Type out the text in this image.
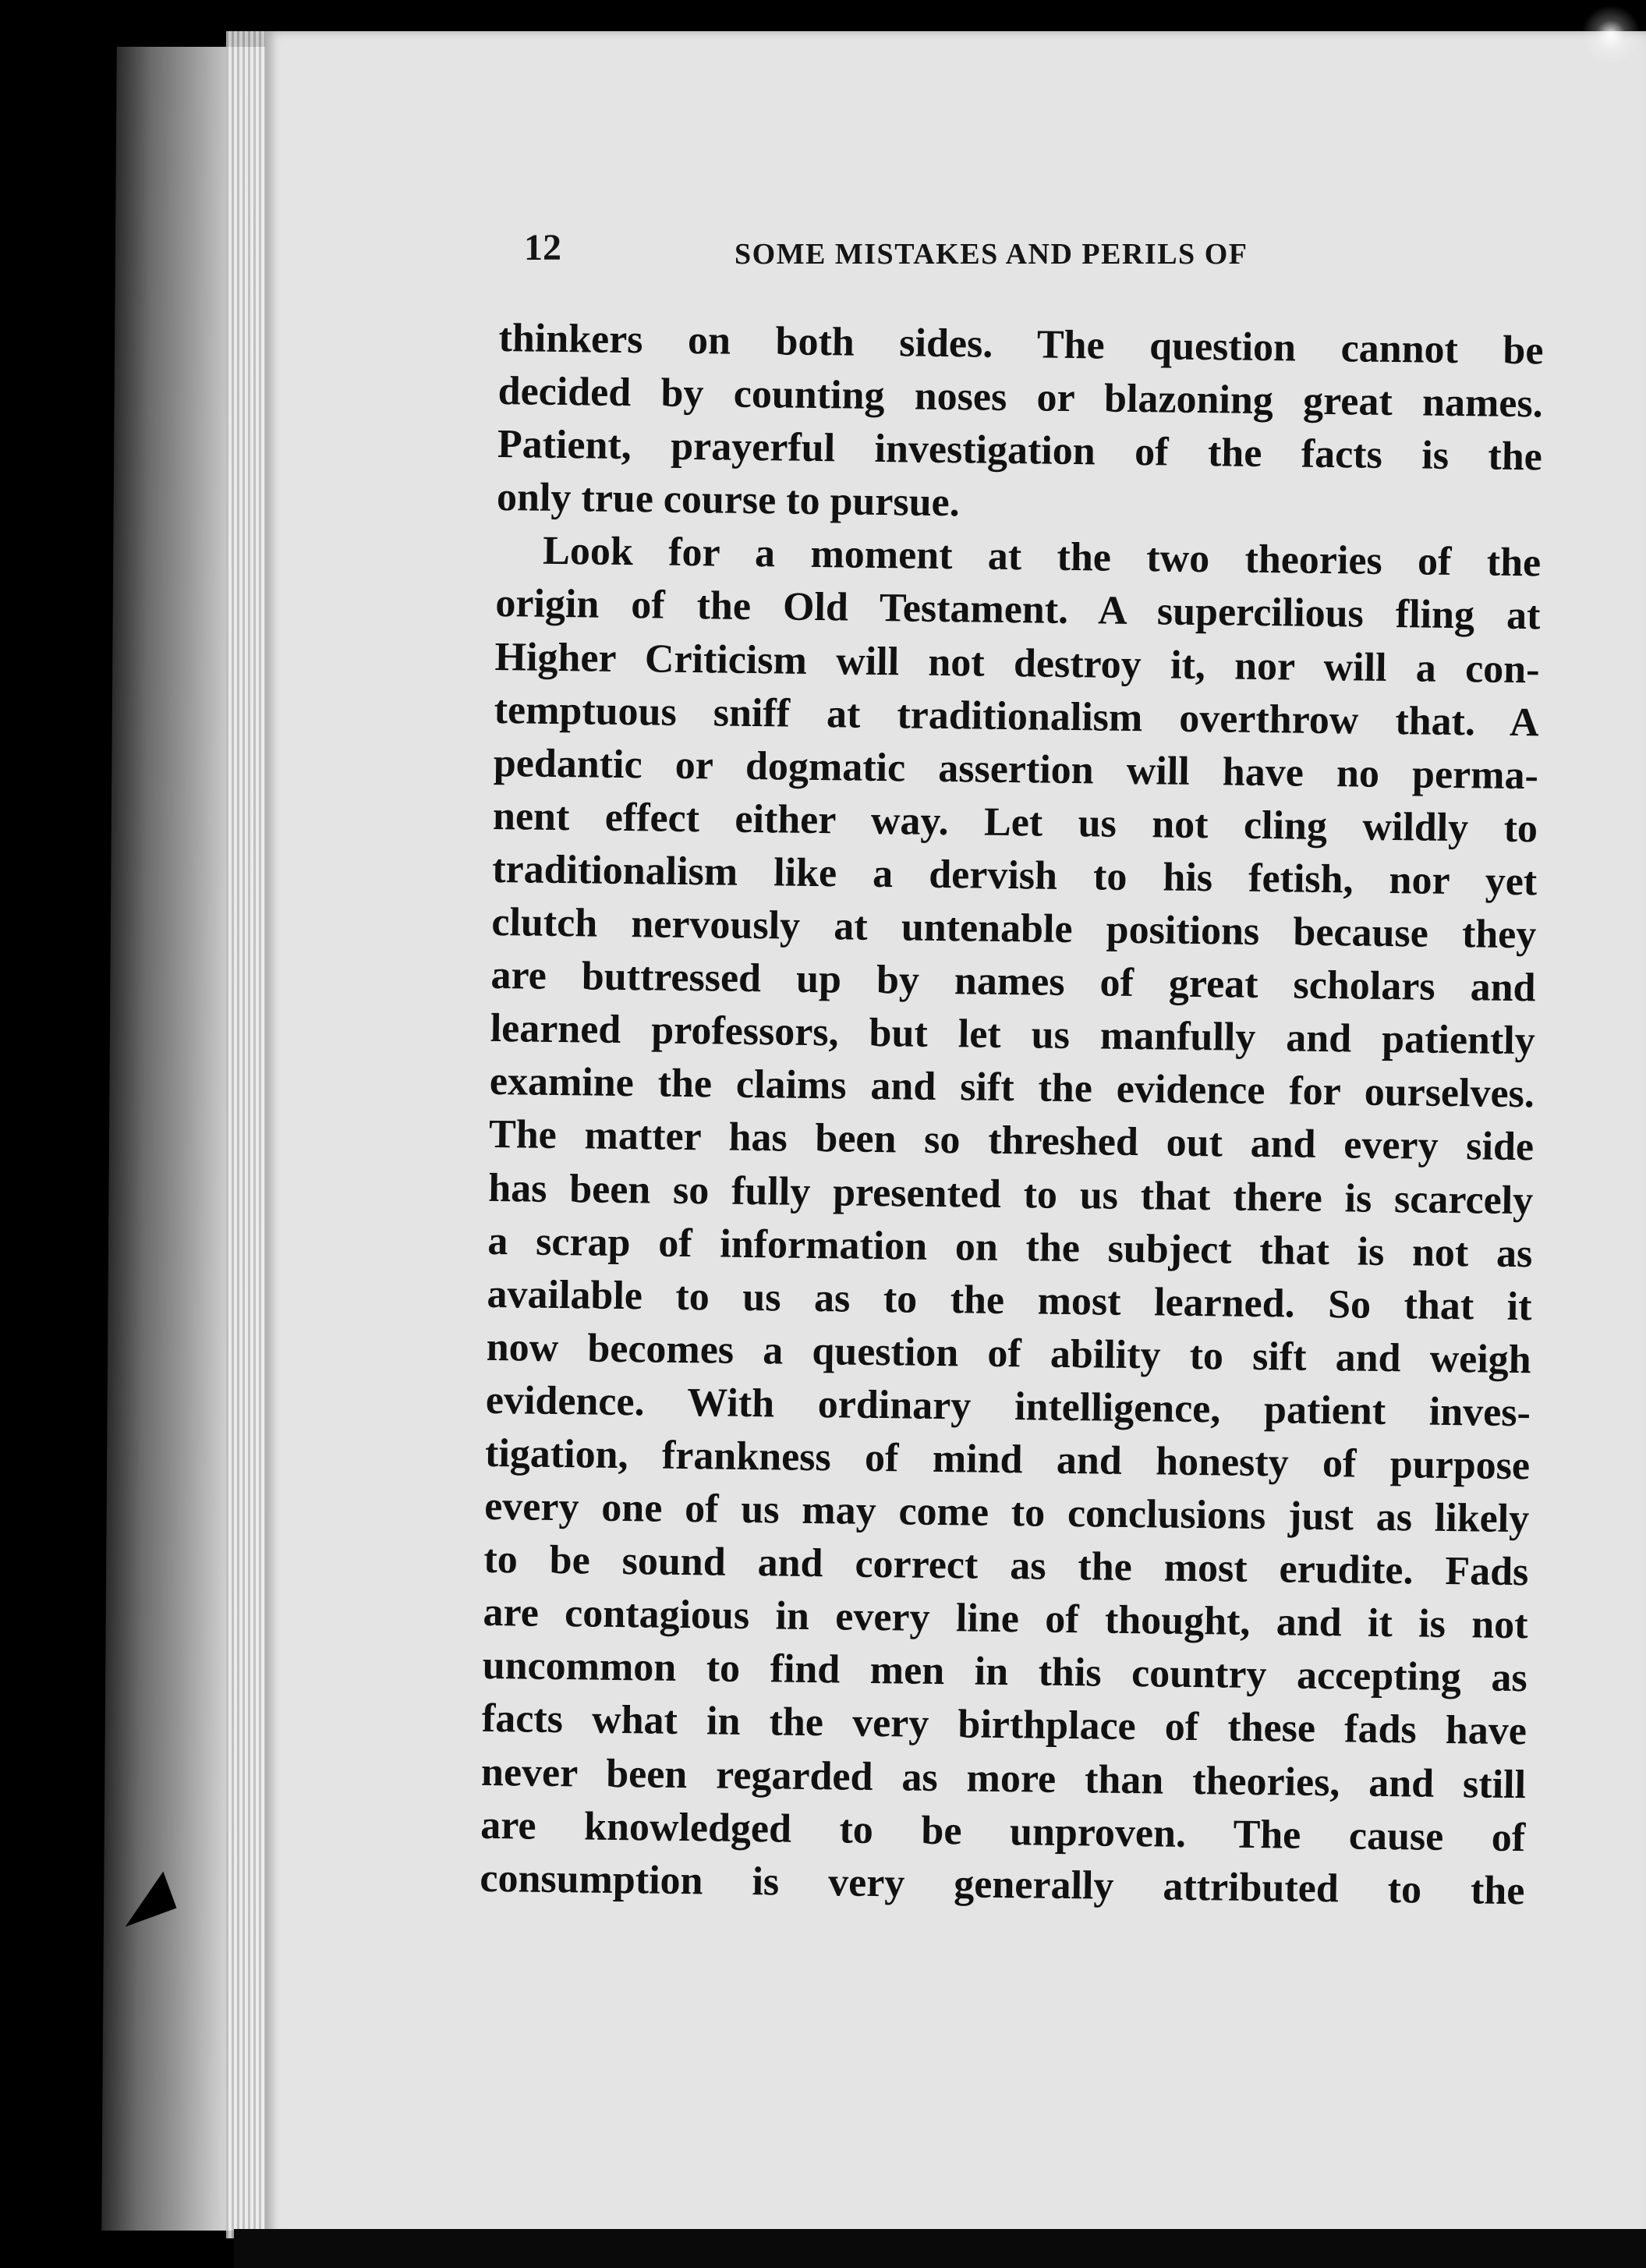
12	SOME MISTAKES AND PERILS OF
thinkers on both sides. The question cannot be
decided by counting noses or blazoning great names.
Patient, prayerful investigation of the facts is the
only true course to pursue.
Look for a moment at the two theories of the
origin of the Old Testament. A supercilious fling at
Higher Criticism will not destroy it, nor will a con-
temptuous sniff at traditionalism overthrow that. A
pedantic or dogmatic assertion will have no perma-
nent effect either way. Let us not cling wildly to
traditionalism like a dervish to his fetish, nor yet
clutch nervously at untenable positions because they
are buttressed up by names of great scholars and
learned professors, but let us manfully and patiently
examine the claims and sift the evidence for ourselves.
The matter has been so threshed out and every side
has been so fully presented to us that there is scarcely
a scrap of information on the subject that is not as
available to us as to the most learned. So that it
now becomes a question of ability to sift and weigh
evidence. With ordinary intelligence, patient inves-
tigation, frankness of mind and honesty of purpose
every one of us may come to conclusions just as likely
to be sound and correct as the most erudite. Fads
are contagious in every line of thought, and it is not
uncommon to find men in this country accepting as
facts what in the very birthplace of these fads have
never been regarded as more than theories, and still
are knowledged to be unproven. The cause of
consumption is very generally attributed to the
